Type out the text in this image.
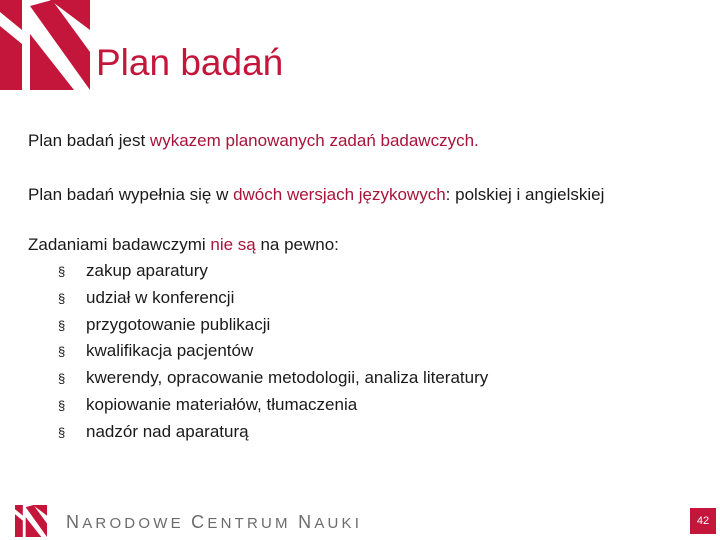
Plan badań

Plan badań jest wykazem planowanych zadań badawczych.

Plan badań wypełnia się w dwóch wersjach językowych: polskiej i angielskiej

Zadaniami badawczymi nie są na pewno:

§	zakup aparatury
§	udział w konferencji
§	przygotowanie publikacji
§	kwalifikacja pacjentów
§	kwerendy, opracowanie metodologii, analiza literatury
§	kopiowanie materiałów, tłumaczenia
§	nadzór nad aparaturą
NARODOWE CENTRUM NAUKI	42
